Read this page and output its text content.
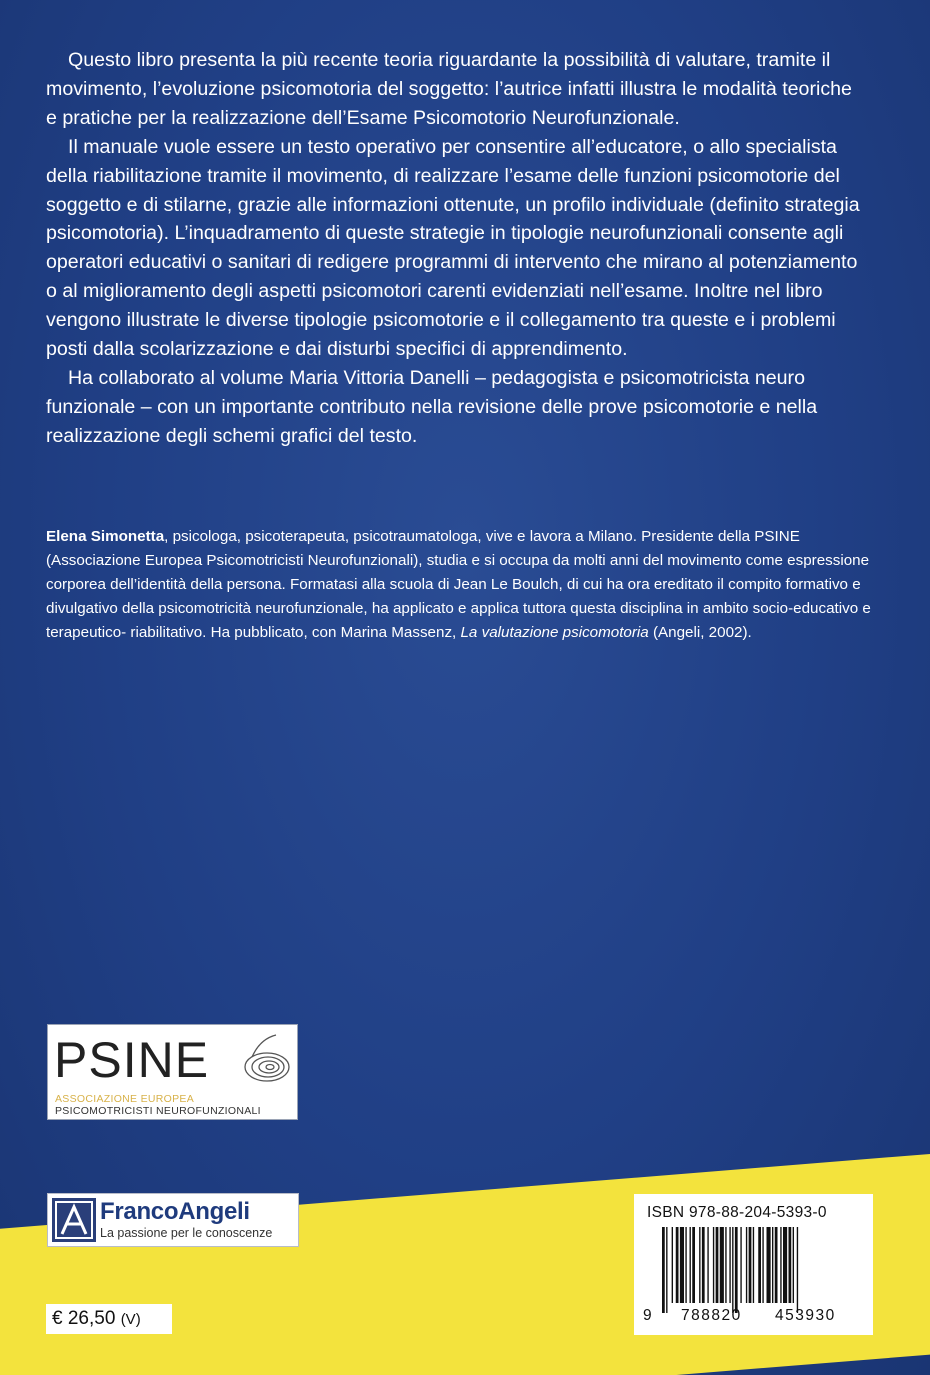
Questo libro presenta la più recente teoria riguardante la possibilità di valutare, tramite il movimento, l’evoluzione psicomotoria del soggetto: l’autrice infatti illustra le modalità teoriche e pratiche per la realizzazione dell’Esame Psicomotorio Neurofunzionale.

Il manuale vuole essere un testo operativo per consentire all’educatore, o allo specialista della riabilitazione tramite il movimento, di realizzare l’esame delle funzioni psicomotorie del soggetto e di stilarne, grazie alle informazioni ottenute, un profilo individuale (definito strategia psicomotoria). L’inquadramento di queste strategie in tipologie neurofunzionali consente agli operatori educativi o sanitari di redigere programmi di intervento che mirano al potenziamento o al miglioramento degli aspetti psicomotori carenti evidenziati nell’esame. Inoltre nel libro vengono illustrate le diverse tipologie psicomotorie e il collegamento tra queste e i problemi posti dalla scolarizzazione e dai disturbi specifici di apprendimento.

Ha collaborato al volume Maria Vittoria Danelli – pedagogista e psicomotricista neuro funzionale – con un importante contributo nella revisione delle prove psicomotorie e nella realizzazione degli schemi grafici del testo.

Elena Simonetta, psicologa, psicoterapeuta, psicotraumatologa, vive e lavora a Milano. Presidente della PSINE (Associazione Europea Psicomotricisti Neurofunzionali), studia e si occupa da molti anni del movimento come espressione corporea dell’identità della persona. Formatasi alla scuola di Jean Le Boulch, di cui ha ora ereditato il compito formativo e divulgativo della psicomotricità neurofunzionale, ha applicato e applica tuttora questa disciplina in ambito socio-educativo e terapeutico- riabilitativo. Ha pubblicato, con Marina Massenz, La valutazione psicomotoria (Angeli, 2002).

PSINE
ASSOCIAZIONE EUROPEA
PSICOMOTRICISTI NEUROFUNZIONALI
FrancoAngeli
La passione per le conoscenze
€ 26,50 (V)
ISBN 978-88-204-5393-0
9 788820 453930
